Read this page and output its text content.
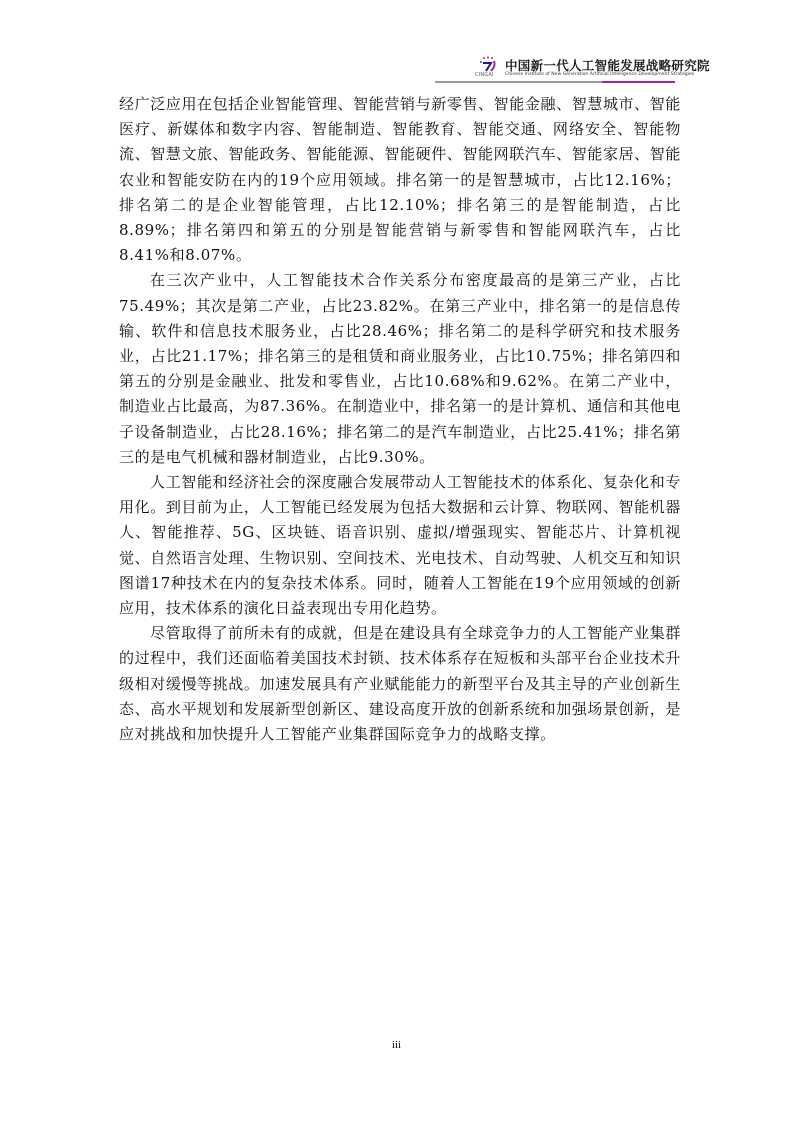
CINGAI
中国新一代人工智能发展战略研究院
Chinese Institute of New Generation Artificial Intelligence Development Strategies

经广泛应用在包括企业智能管理、智能营销与新零售、智能金融、智慧城市、智能医疗、新媒体和数字内容、智能制造、智能教育、智能交通、网络安全、智能物流、智慧文旅、智能政务、智能能源、智能硬件、智能网联汽车、智能家居、智能农业和智能安防在内的19个应用领域。排名第一的是智慧城市，占比12.16%；排名第二的是企业智能管理，占比12.10%；排名第三的是智能制造，占比8.89%；排名第四和第五的分别是智能营销与新零售和智能网联汽车，占比8.41%和8.07%。

在三次产业中，人工智能技术合作关系分布密度最高的是第三产业，占比75.49%；其次是第二产业，占比23.82%。在第三产业中，排名第一的是信息传输、软件和信息技术服务业，占比28.46%；排名第二的是科学研究和技术服务业，占比21.17%；排名第三的是租赁和商业服务业，占比10.75%；排名第四和第五的分别是金融业、批发和零售业，占比10.68%和9.62%。在第二产业中，制造业占比最高，为87.36%。在制造业中，排名第一的是计算机、通信和其他电子设备制造业，占比28.16%；排名第二的是汽车制造业，占比25.41%；排名第三的是电气机械和器材制造业，占比9.30%。

人工智能和经济社会的深度融合发展带动人工智能技术的体系化、复杂化和专用化。到目前为止，人工智能已经发展为包括大数据和云计算、物联网、智能机器人、智能推荐、5G、区块链、语音识别、虚拟/增强现实、智能芯片、计算机视觉、自然语言处理、生物识别、空间技术、光电技术、自动驾驶、人机交互和知识图谱17种技术在内的复杂技术体系。同时，随着人工智能在19个应用领域的创新应用，技术体系的演化日益表现出专用化趋势。

尽管取得了前所未有的成就，但是在建设具有全球竞争力的人工智能产业集群的过程中，我们还面临着美国技术封锁、技术体系存在短板和头部平台企业技术升级相对缓慢等挑战。加速发展具有产业赋能能力的新型平台及其主导的产业创新生态、高水平规划和发展新型创新区、建设高度开放的创新系统和加强场景创新，是应对挑战和加快提升人工智能产业集群国际竞争力的战略支撑。

iii
